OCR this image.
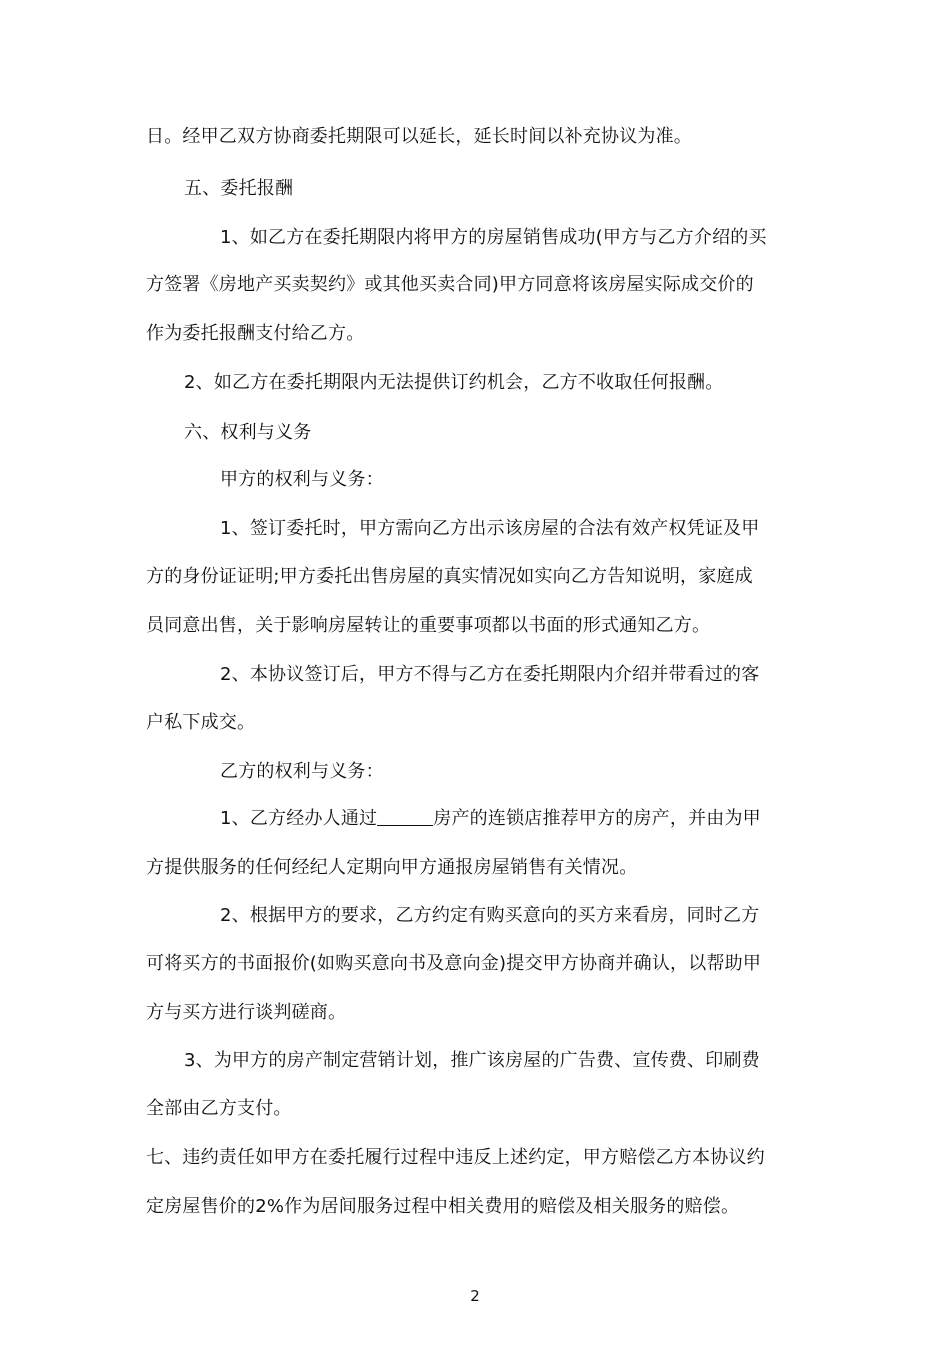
日。经甲乙双方协商委托期限可以延长，延长时间以补充协议为准。
五、委托报酬
1、如乙方在委托期限内将甲方的房屋销售成功(甲方与乙方介绍的买
方签署《房地产买卖契约》或其他买卖合同)甲方同意将该房屋实际成交价的
作为委托报酬支付给乙方。
2、如乙方在委托期限内无法提供订约机会，乙方不收取任何报酬。
六、权利与义务
甲方的权利与义务：
1、签订委托时，甲方需向乙方出示该房屋的合法有效产权凭证及甲
方的身份证证明;甲方委托出售房屋的真实情况如实向乙方告知说明，家庭成
员同意出售，关于影响房屋转让的重要事项都以书面的形式通知乙方。
2、本协议签订后，甲方不得与乙方在委托期限内介绍并带看过的客
户私下成交。
乙方的权利与义务：
1、乙方经办人通过	房产的连锁店推荐甲方的房产，并由为甲
方提供服务的任何经纪人定期向甲方通报房屋销售有关情况。
2、根据甲方的要求，乙方约定有购买意向的买方来看房，同时乙方
可将买方的书面报价(如购买意向书及意向金)提交甲方协商并确认，以帮助甲
方与买方进行谈判磋商。
3、为甲方的房产制定营销计划，推广该房屋的广告费、宣传费、印刷费
全部由乙方支付。
七、违约责任如甲方在委托履行过程中违反上述约定，甲方赔偿乙方本协议约
定房屋售价的2%作为居间服务过程中相关费用的赔偿及相关服务的赔偿。
2
